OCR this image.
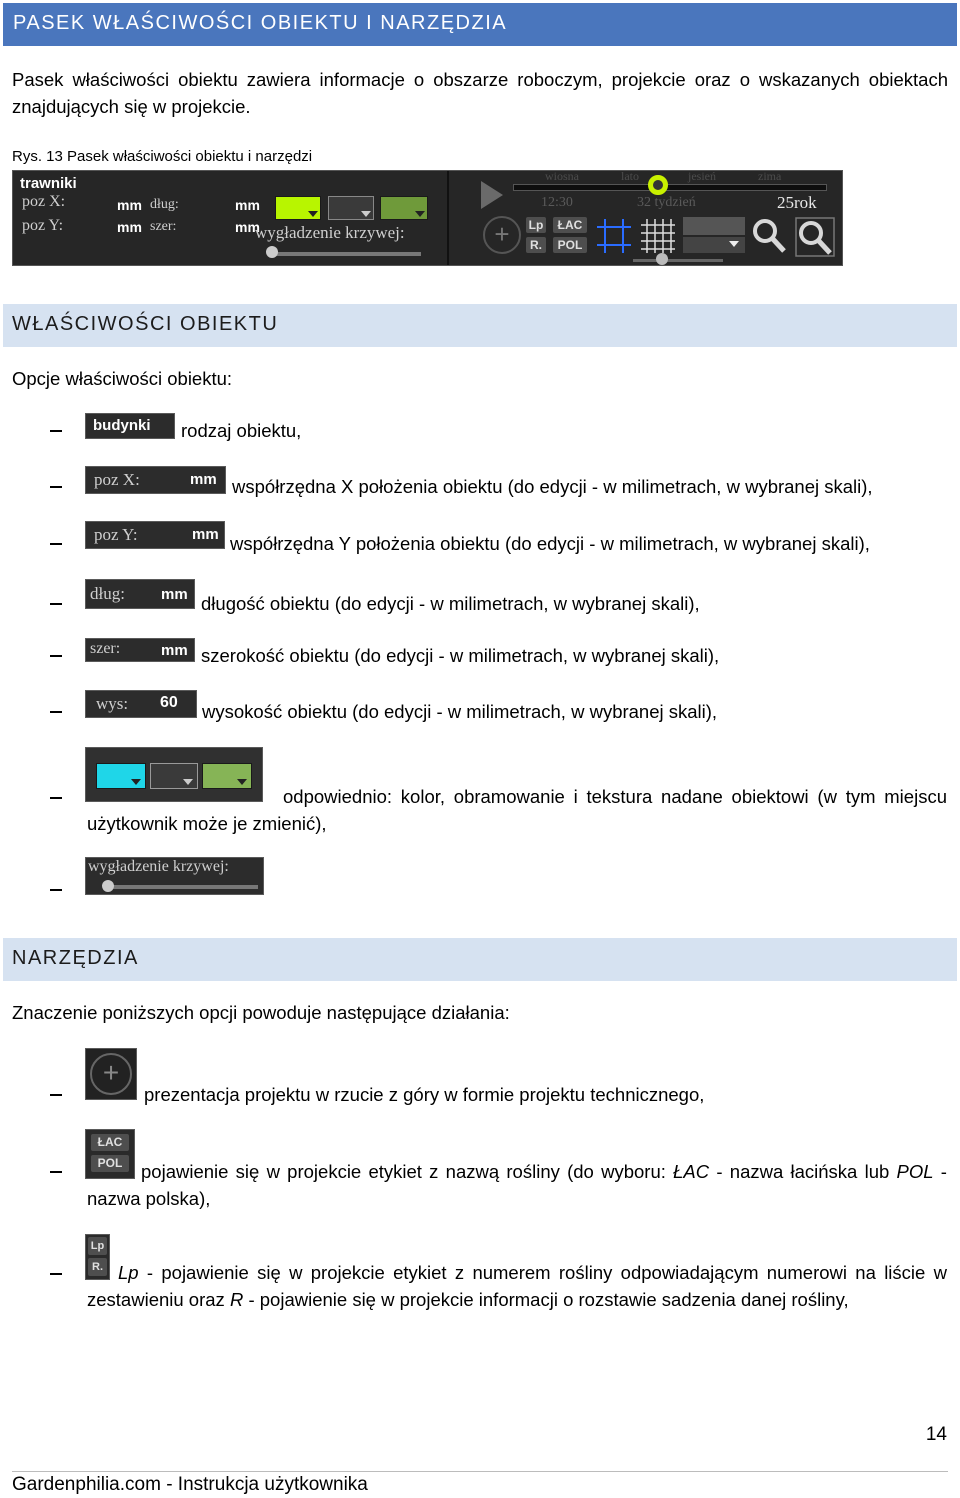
PASEK WŁAŚCIWOŚCI OBIEKTU I NARZĘDZIA
Pasek właściwości obiektu zawiera informacje o obszarze roboczym, projekcie oraz o wskazanych obiektach znajdujących się w projekcie.
Rys. 13 Pasek właściwości obiektu i narzędzi
trawniki
poz X:
poz Y:
mm
mm
dług:
szer:
mm
mm
wygładzenie krzywej:
wiosna	lato	jesień	zima
12:30	32 tydzień	25rok
+	Lp
R.
ŁAC
POL
WŁAŚCIWOŚCI OBIEKTU
Opcje właściwości obiektu:
budynki rodzaj obiektu,
poz X:	mm współrzędna X położenia obiektu (do edycji - w milimetrach, w wybranej skali),
poz Y:	mm współrzędna Y położenia obiektu (do edycji - w milimetrach, w wybranej skali),
dług: mm długość obiektu (do edycji - w milimetrach, w wybranej skali),
szer:	mm szerokość obiektu (do edycji - w milimetrach, w wybranej skali),
wys: 60 wysokość obiektu (do edycji - w milimetrach, w wybranej skali),
odpowiednio: kolor, obramowanie i tekstura nadane obiektowi (w tym miejscu użytkownik może je zmienić),
wygładzenie krzywej:
NARZĘDZIA
Znaczenie poniższych opcji powoduje następujące działania:
+
prezentacja projektu w rzucie z góry w formie projektu technicznego,
ŁAC
POL	pojawienie się w projekcie etykiet z nazwą rośliny (do wyboru: ŁAC - nazwa łacińska lub POL - nazwa polska),
Lp
R. Lp - pojawienie się w projekcie etykiet z numerem rośliny odpowiadającym numerowi na liście w zestawieniu oraz R - pojawienie się w projekcie informacji o rozstawie sadzenia danej rośliny,
14
Gardenphilia.com - Instrukcja użytkownika
